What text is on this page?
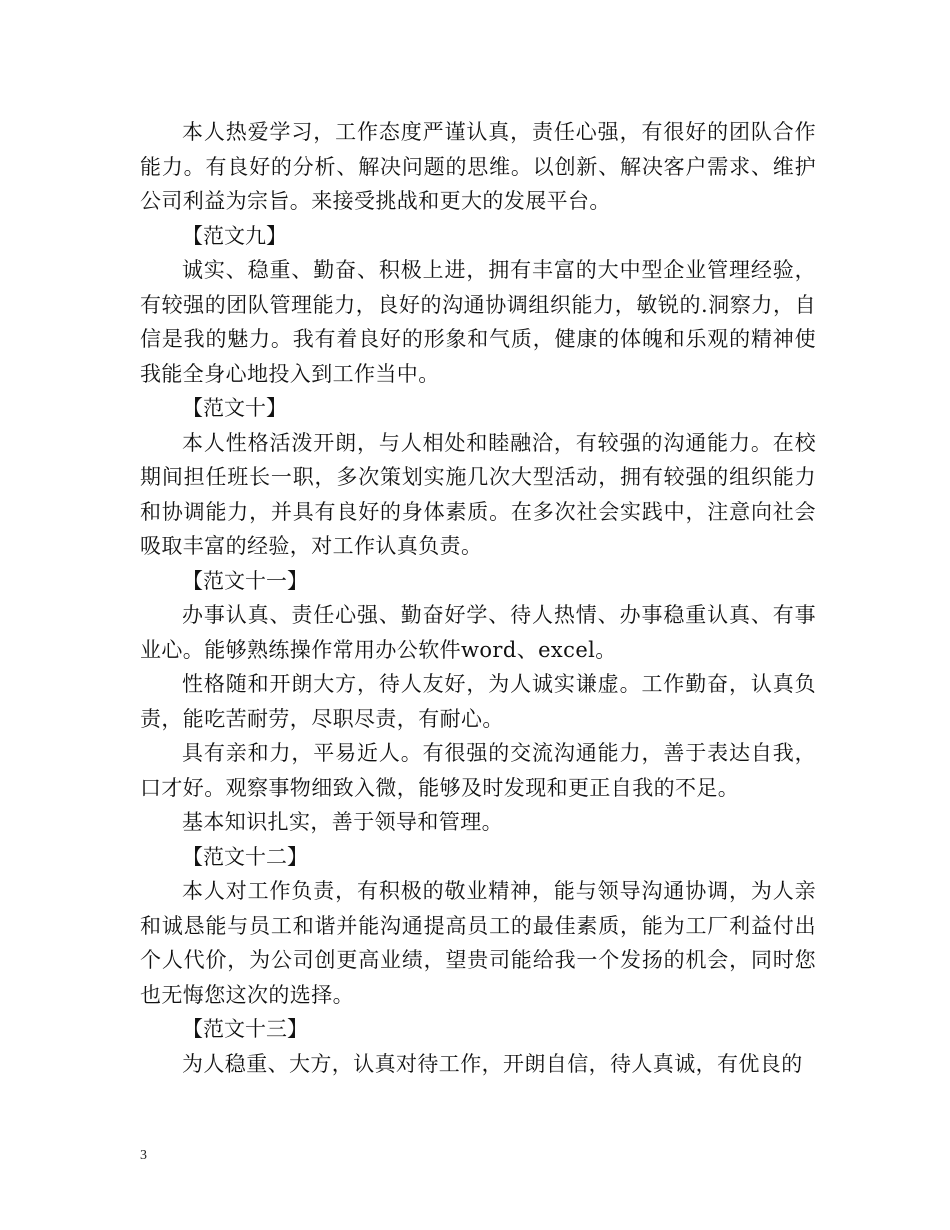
本人热爱学习，工作态度严谨认真，责任心强，有很好的团队合作能力。有良好的分析、解决问题的思维。以创新、解决客户需求、维护公司利益为宗旨。来接受挑战和更大的发展平台。

【范文九】

诚实、稳重、勤奋、积极上进，拥有丰富的大中型企业管理经验，有较强的团队管理能力，良好的沟通协调组织能力，敏锐的.洞察力，自信是我的魅力。我有着良好的形象和气质，健康的体魄和乐观的精神使我能全身心地投入到工作当中。

【范文十】

本人性格活泼开朗，与人相处和睦融洽，有较强的沟通能力。在校期间担任班长一职，多次策划实施几次大型活动，拥有较强的组织能力和协调能力，并具有良好的身体素质。在多次社会实践中，注意向社会吸取丰富的经验，对工作认真负责。

【范文十一】

办事认真、责任心强、勤奋好学、待人热情、办事稳重认真、有事业心。能够熟练操作常用办公软件word、excel。

性格随和开朗大方，待人友好，为人诚实谦虚。工作勤奋，认真负责，能吃苦耐劳，尽职尽责，有耐心。

具有亲和力，平易近人。有很强的交流沟通能力，善于表达自我，口才好。观察事物细致入微，能够及时发现和更正自我的不足。

基本知识扎实，善于领导和管理。

【范文十二】

本人对工作负责，有积极的敬业精神，能与领导沟通协调，为人亲和诚恳能与员工和谐并能沟通提高员工的最佳素质，能为工厂利益付出个人代价，为公司创更高业绩，望贵司能给我一个发扬的机会，同时您也无悔您这次的选择。

【范文十三】

为人稳重、大方，认真对待工作，开朗自信，待人真诚，有优良的

3
